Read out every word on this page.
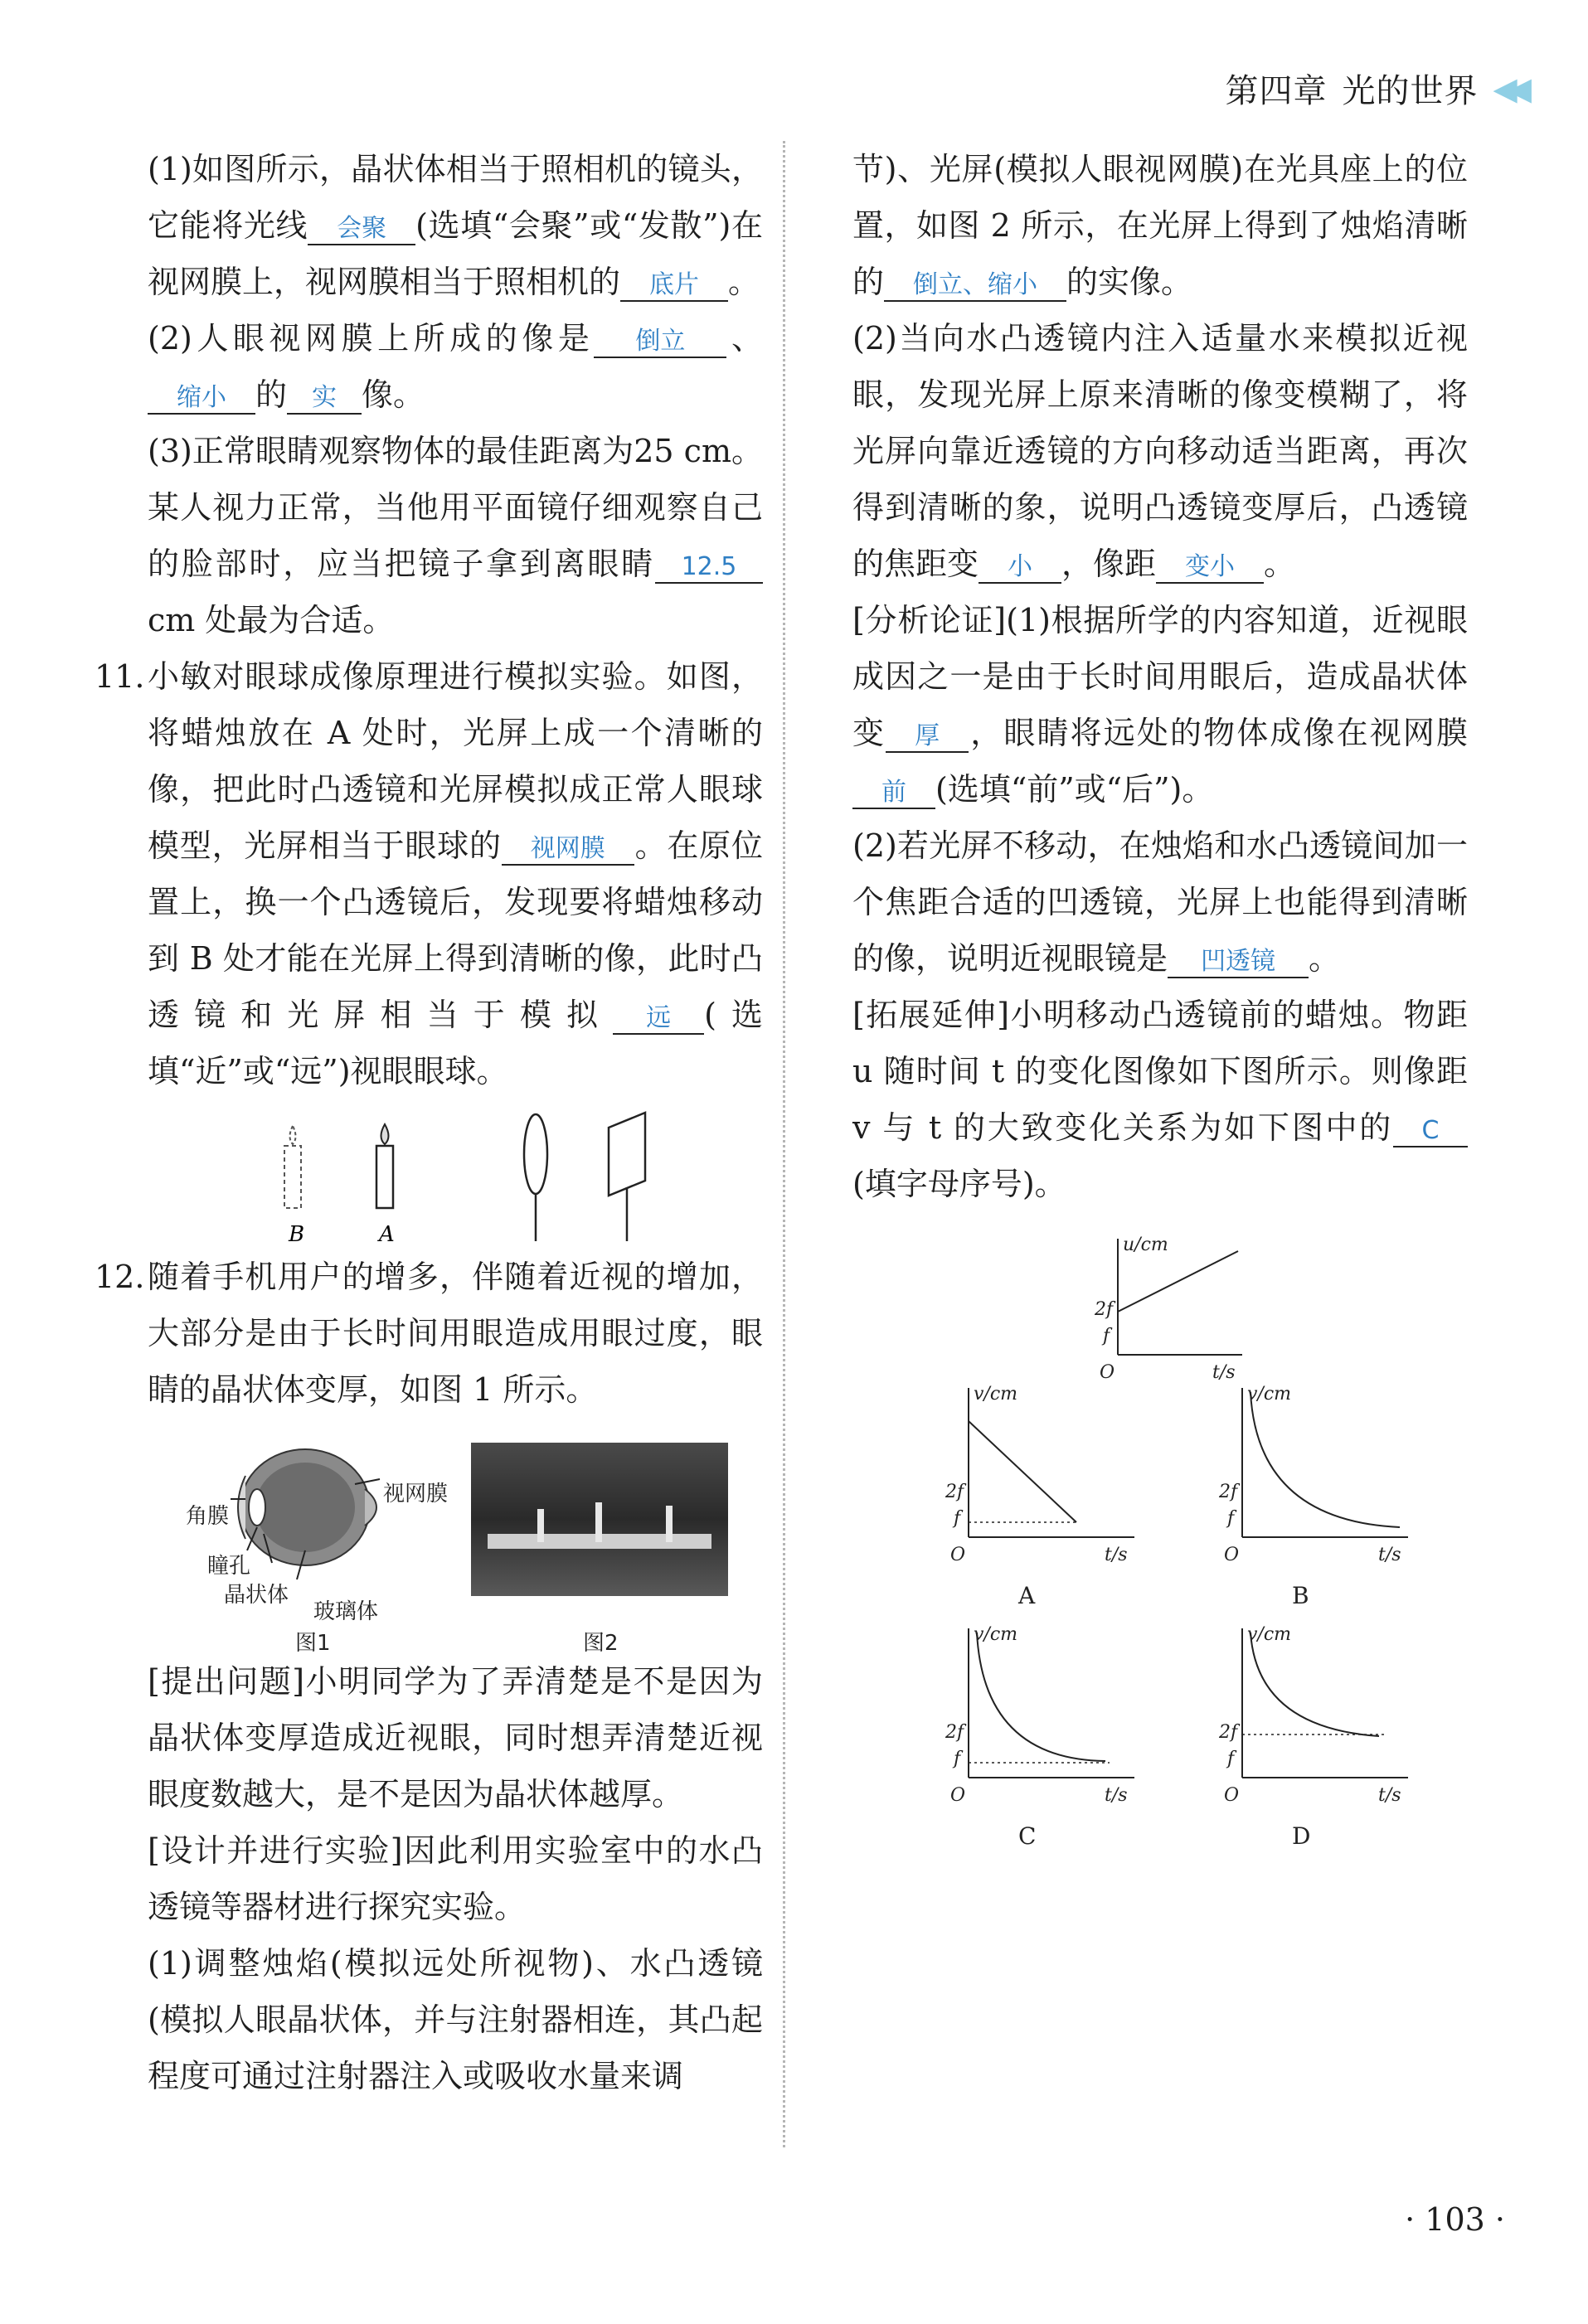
第四章 光的世界 ◀◀

(1)如图所示，晶状体相当于照相机的镜头，它能将光线 会聚 (选填“会聚”或“发散”)在视网膜上，视网膜相当于照相机的 底片 。

(2)人眼视网膜上所成的像是 倒立 、缩小 的 实 像。

(3)正常眼睛观察物体的最佳距离为25 cm。某人视力正常，当他用平面镜仔细观察自己的脸部时，应当把镜子拿到离眼睛 12.5cm 处最为合适。

11. 小敏对眼球成像原理进行模拟实验。如图，将蜡烛放在 A 处时，光屏上成一个清晰的像，把此时凸透镜和光屏模拟成正常人眼球模型，光屏相当于眼球的 视网膜 。在原位置上，换一个凸透镜后，发现要将蜡烛移动到 B 处才能在光屏上得到清晰的像，此时凸透镜和光屏相当于模拟 远 (选填“近”或“远”)视眼眼球。

B	A

12. 随着手机用户的增多，伴随着近视的增加，大部分是由于长时间用眼造成用眼过度，眼睛的晶状体变厚，如图 1 所示。

角膜
视网膜
瞳孔
晶状体
玻璃体
图1	图2

[提出问题]小明同学为了弄清楚是不是因为晶状体变厚造成近视眼，同时想弄清楚近视眼度数越大，是不是因为晶状体越厚。

[设计并进行实验]因此利用实验室中的水凸透镜等器材进行探究实验。

(1)调整烛焰(模拟远处所视物)、水凸透镜(模拟人眼晶状体，并与注射器相连，其凸起程度可通过注射器注入或吸收水量来调

节)、光屏(模拟人眼视网膜)在光具座上的位置，如图 2 所示，在光屏上得到了烛焰清晰的 倒立、缩小 的实像。

(2)当向水凸透镜内注入适量水来模拟近视眼，发现光屏上原来清晰的像变模糊了，将光屏向靠近透镜的方向移动适当距离，再次得到清晰的象，说明凸透镜变厚后，凸透镜的焦距变 小 ，像距 变小 。

[分析论证](1)根据所学的内容知道，近视眼成因之一是由于长时间用眼后，造成晶状体变 厚 ，眼睛将远处的物体成像在视网膜前 (选填“前”或“后”)。

(2)若光屏不移动，在烛焰和水凸透镜间加一个焦距合适的凹透镜，光屏上也能得到清晰的像，说明近视眼镜是 凹透镜 。

[拓展延伸]小明移动凸透镜前的蜡烛。物距 u 随时间 t 的变化图像如下图所示。则像距 v 与 t 的大致变化关系为如下图中的 C(填字母序号)。

u/cm
t/s
2f
f
O
v/cm
t/s
2f
f
O
A
v/cm
t/s
2f
f
O
B
v/cm
t/s
2f
f
O
C
v/cm
t/s
2f
f
O
D
· 103 ·
